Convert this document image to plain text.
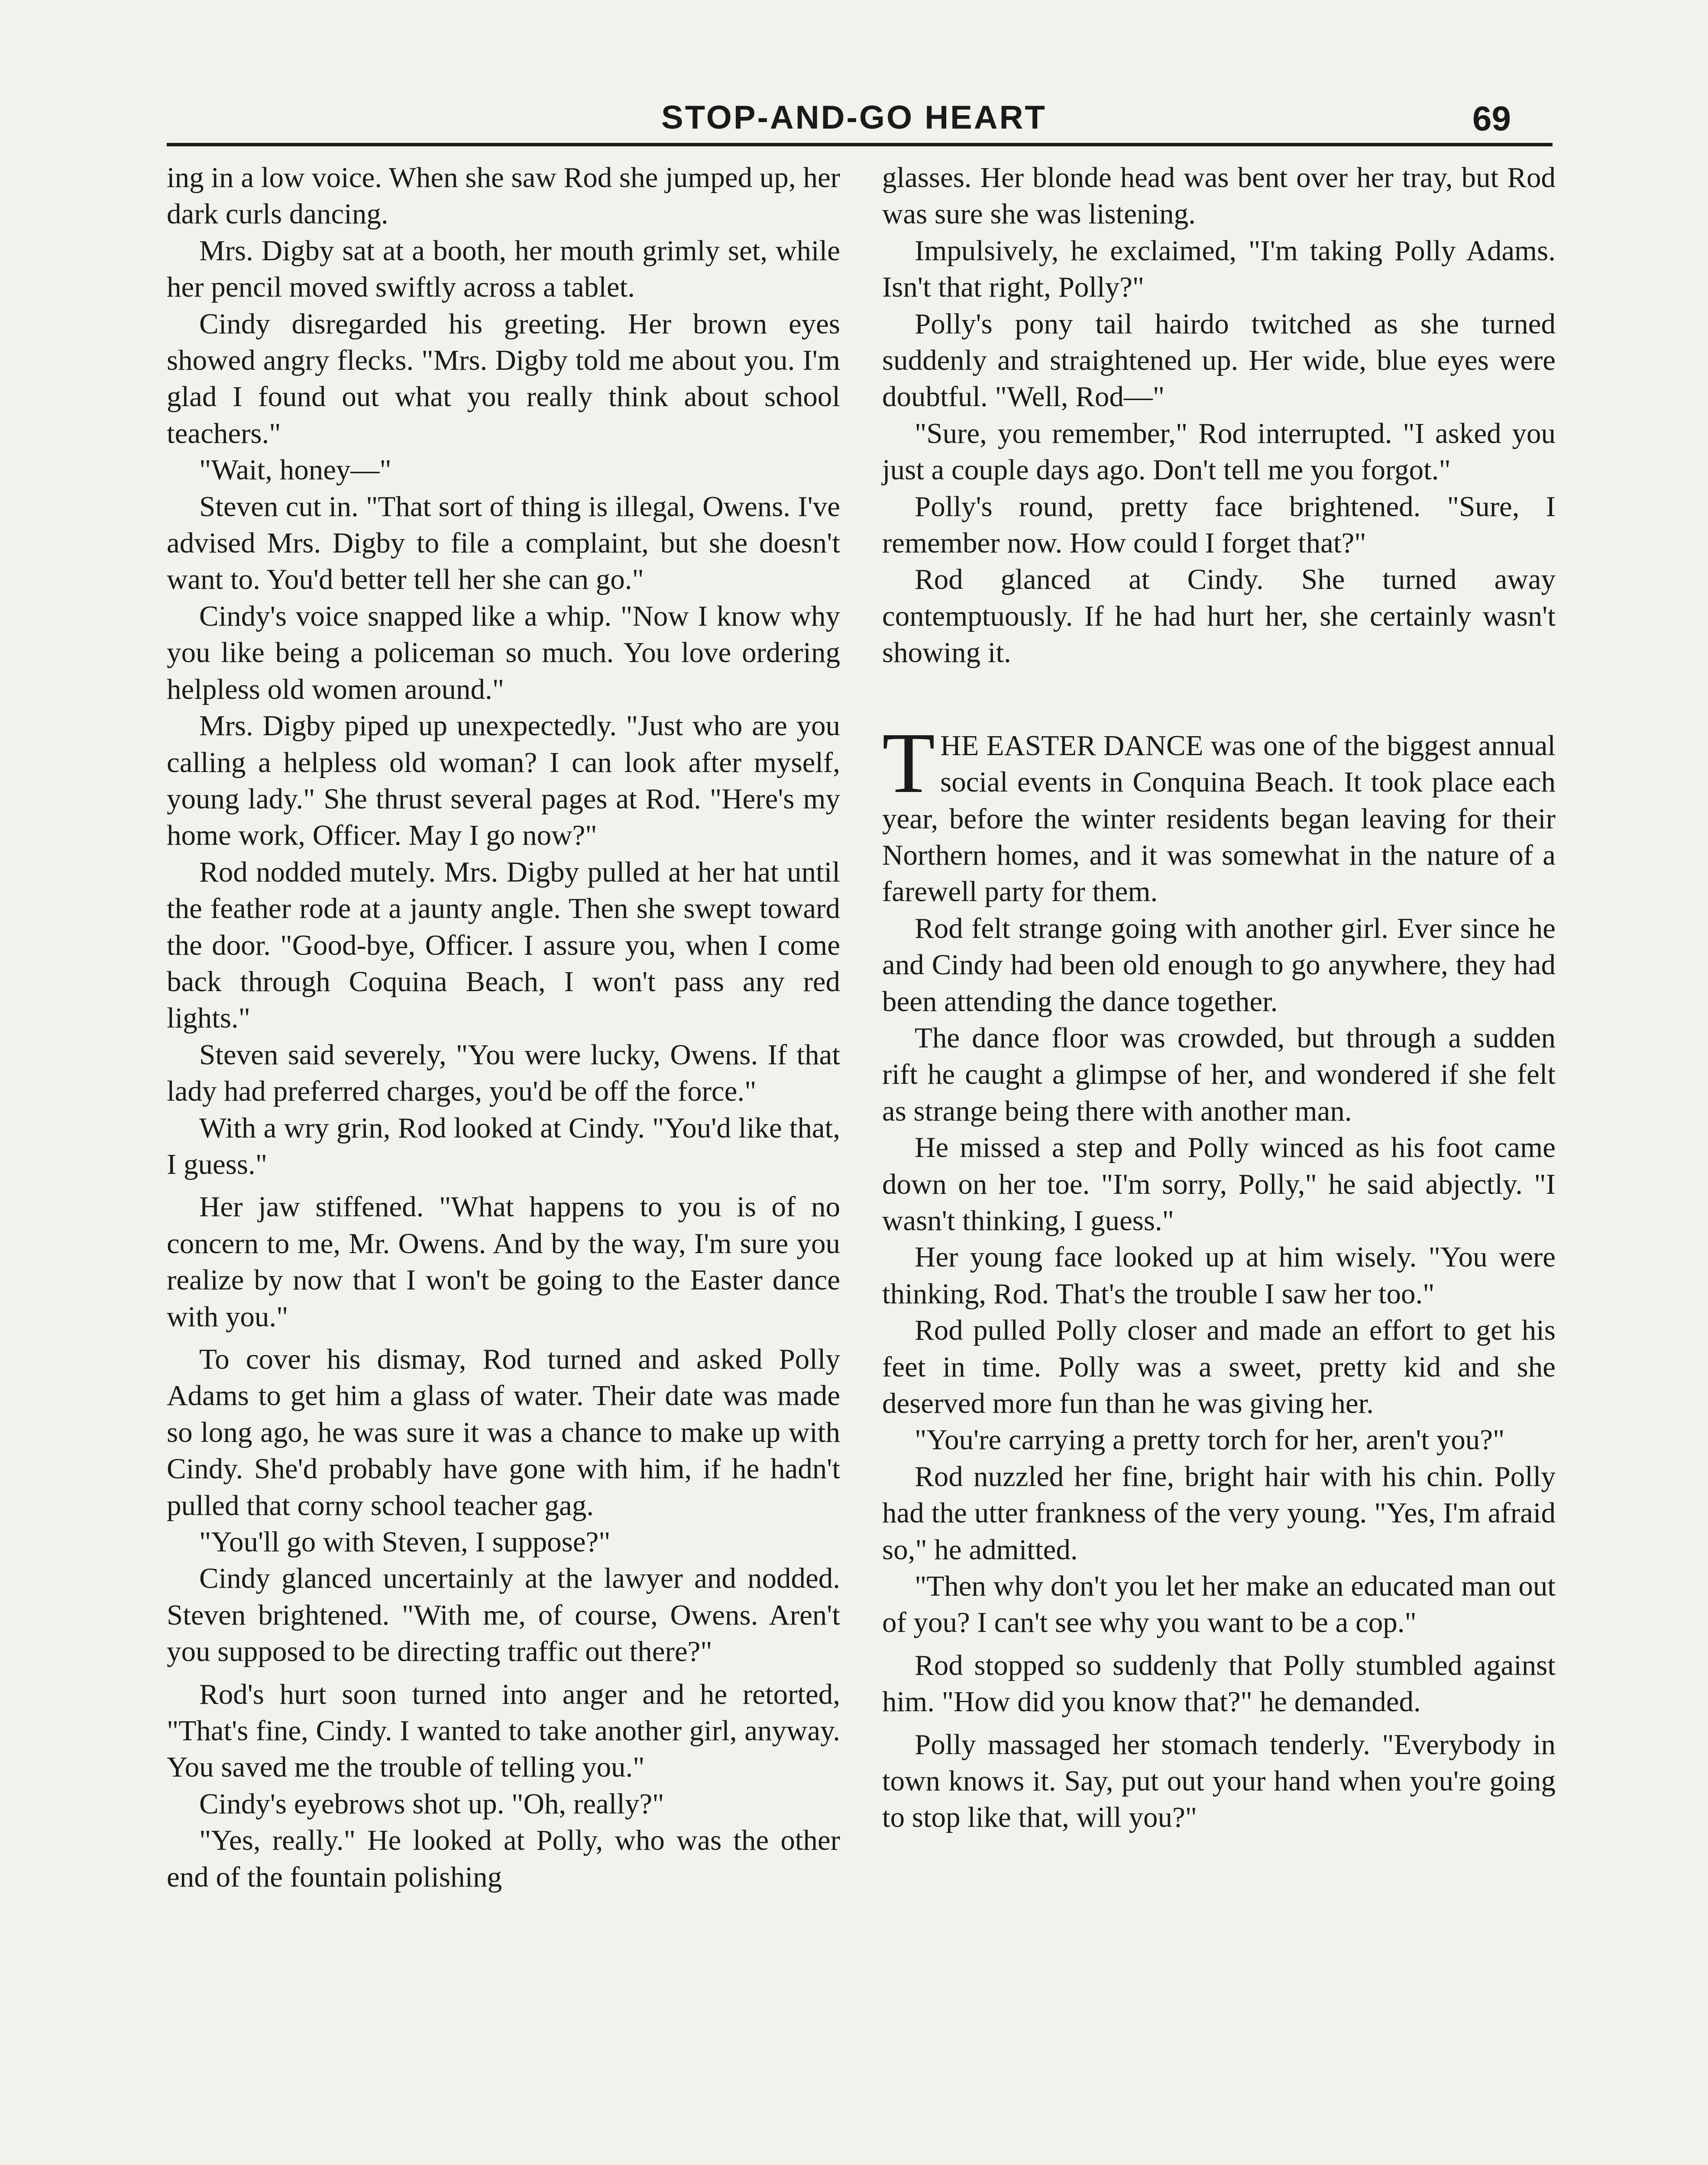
STOP-AND-GO HEART	69

ing in a low voice. When she saw Rod she jumped up, her dark curls dancing.

Mrs. Digby sat at a booth, her mouth grimly set, while her pencil moved swiftly across a tablet.

Cindy disregarded his greeting. Her brown eyes showed angry flecks. "Mrs. Digby told me about you. I'm glad I found out what you really think about school teachers."

"Wait, honey—"

Steven cut in. "That sort of thing is illegal, Owens. I've advised Mrs. Digby to file a complaint, but she doesn't want to. You'd better tell her she can go."

Cindy's voice snapped like a whip. "Now I know why you like being a policeman so much. You love ordering helpless old women around."

Mrs. Digby piped up unexpectedly. "Just who are you calling a helpless old woman? I can look after myself, young lady." She thrust several pages at Rod. "Here's my home work, Officer. May I go now?"

Rod nodded mutely. Mrs. Digby pulled at her hat until the feather rode at a jaunty angle. Then she swept toward the door. "Good-bye, Officer. I assure you, when I come back through Coquina Beach, I won't pass any red lights."

Steven said severely, "You were lucky, Owens. If that lady had preferred charges, you'd be off the force."

With a wry grin, Rod looked at Cindy. "You'd like that, I guess."

Her jaw stiffened. "What happens to you is of no concern to me, Mr. Owens. And by the way, I'm sure you realize by now that I won't be going to the Easter dance with you."

To cover his dismay, Rod turned and asked Polly Adams to get him a glass of water. Their date was made so long ago, he was sure it was a chance to make up with Cindy. She'd probably have gone with him, if he hadn't pulled that corny school teacher gag.

"You'll go with Steven, I suppose?"

Cindy glanced uncertainly at the lawyer and nodded. Steven brightened. "With me, of course, Owens. Aren't you supposed to be directing traffic out there?"

Rod's hurt soon turned into anger and he retorted, "That's fine, Cindy. I wanted to take another girl, anyway. You saved me the trouble of telling you."

Cindy's eyebrows shot up. "Oh, really?"

"Yes, really." He looked at Polly, who was the other end of the fountain polishing

glasses. Her blonde head was bent over her tray, but Rod was sure she was listening.

Impulsively, he exclaimed, "I'm taking Polly Adams. Isn't that right, Polly?"

Polly's pony tail hairdo twitched as she turned suddenly and straightened up. Her wide, blue eyes were doubtful. "Well, Rod—"

"Sure, you remember," Rod interrupted. "I asked you just a couple days ago. Don't tell me you forgot."

Polly's round, pretty face brightened. "Sure, I remember now. How could I forget that?"

Rod glanced at Cindy. She turned away contemptuously. If he had hurt her, she certainly wasn't showing it.

THE EASTER DANCE was one of the biggest annual social events in Conquina Beach. It took place each year, before the winter residents began leaving for their Northern homes, and it was somewhat in the nature of a farewell party for them.

Rod felt strange going with another girl. Ever since he and Cindy had been old enough to go anywhere, they had been attending the dance together.

The dance floor was crowded, but through a sudden rift he caught a glimpse of her, and wondered if she felt as strange being there with another man.

He missed a step and Polly winced as his foot came down on her toe. "I'm sorry, Polly," he said abjectly. "I wasn't thinking, I guess."

Her young face looked up at him wisely. "You were thinking, Rod. That's the trouble I saw her too."

Rod pulled Polly closer and made an effort to get his feet in time. Polly was a sweet, pretty kid and she deserved more fun than he was giving her.

"You're carrying a pretty torch for her, aren't you?"

Rod nuzzled her fine, bright hair with his chin. Polly had the utter frankness of the very young. "Yes, I'm afraid so," he admitted.

"Then why don't you let her make an educated man out of you? I can't see why you want to be a cop."

Rod stopped so suddenly that Polly stumbled against him. "How did you know that?" he demanded.

Polly massaged her stomach tenderly. "Everybody in town knows it. Say, put out your hand when you're going to stop like that, will you?"
